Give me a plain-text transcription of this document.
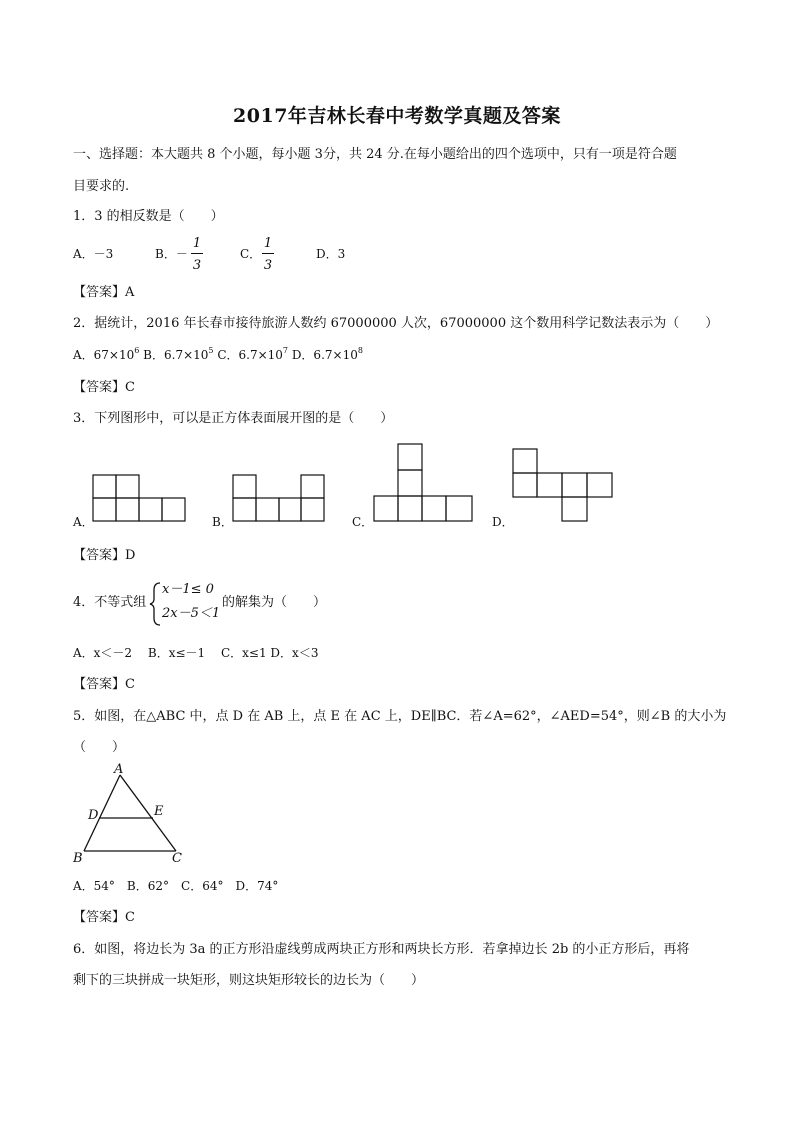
2017年吉林长春中考数学真题及答案
一、选择题：本大题共 8 个小题，每小题 3分，共 24 分.在每小题给出的四个选项中，只有一项是符合题
目要求的.
1．3 的相反数是（　　）
A．－3	B．－
1
3
C．
1
3
D．3
【答案】A
2．据统计，2016 年长春市接待旅游人数约 67000000 人次，67000000 这个数用科学记数法表示为（　　）
A．$67\times 10^6$ B．$6.7\times 10^5$ C．$6.7\times 10^7$ D．$6.7\times 10^8$
【答案】C
3．下列图形中，可以是正方体表面展开图的是（　　）
A．	B．	C．	D．
【答案】D
4．不等式组
x－1≤ 0
2x－5＜1
的解集为（　　）
A．x＜－2　 B．x≤－1　 C．x≤1 D．x＜3
【答案】C
5．如图，在△ABC 中，点 D 在 AB 上，点 E 在 AC 上，DE∥BC．若∠A=62°，∠AED=54°，则∠B 的大小为
（　　）
A
D	E
B	C
A．54°　B．62°　C．64°　D．74°
【答案】C
6．如图，将边长为 3a 的正方形沿虚线剪成两块正方形和两块长方形．若拿掉边长 2b 的小正方形后，再将
剩下的三块拼成一块矩形，则这块矩形较长的边长为（　　）
